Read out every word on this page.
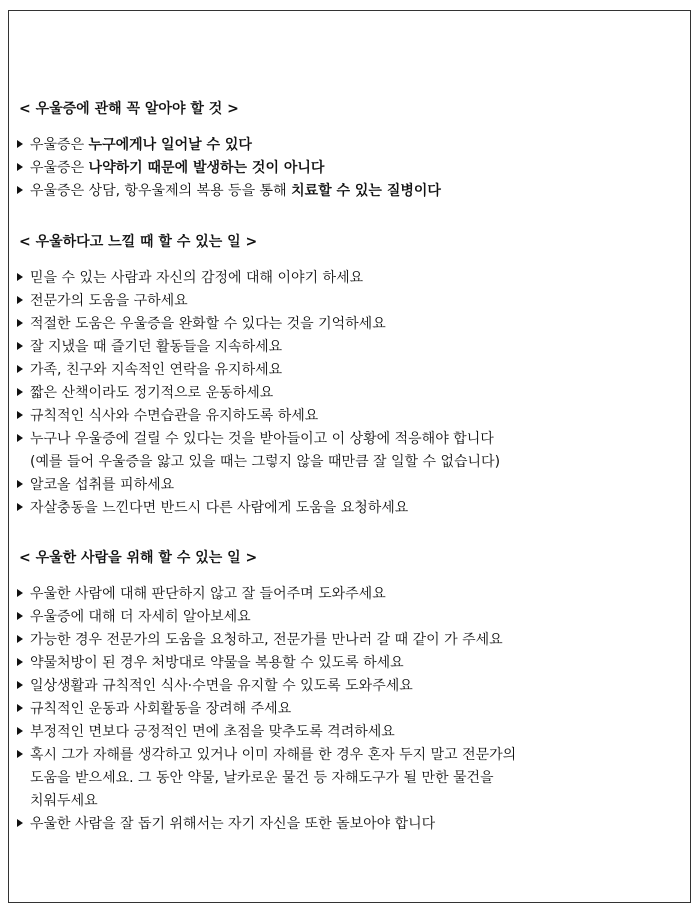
< 우울증에 관해 꼭 알아야 할 것 >
우울증은 누구에게나 일어날 수 있다
우울증은 나약하기 때문에 발생하는 것이 아니다
우울증은 상담, 항우울제의 복용 등을 통해 치료할 수 있는 질병이다
< 우울하다고 느낄 때 할 수 있는 일 >
믿을 수 있는 사람과 자신의 감정에 대해 이야기 하세요
전문가의 도움을 구하세요
적절한 도움은 우울증을 완화할 수 있다는 것을 기억하세요
잘 지냈을 때 즐기던 활동들을 지속하세요
가족, 친구와 지속적인 연락을 유지하세요
짧은 산책이라도 정기적으로 운동하세요
규칙적인 식사와 수면습관을 유지하도록 하세요
누구나 우울증에 걸릴 수 있다는 것을 받아들이고 이 상황에 적응해야 합니다
(예를 들어 우울증을 앓고 있을 때는 그렇지 않을 때만큼 잘 일할 수 없습니다)
알코올 섭취를 피하세요
자살충동을 느낀다면 반드시 다른 사람에게 도움을 요청하세요
< 우울한 사람을 위해 할 수 있는 일 >
우울한 사람에 대해 판단하지 않고 잘 들어주며 도와주세요
우울증에 대해 더 자세히 알아보세요
가능한 경우 전문가의 도움을 요청하고, 전문가를 만나러 갈 때 같이 가 주세요
약물처방이 된 경우 처방대로 약물을 복용할 수 있도록 하세요
일상생활과 규칙적인 식사·수면을 유지할 수 있도록 도와주세요
규칙적인 운동과 사회활동을 장려해 주세요
부정적인 면보다 긍정적인 면에 초점을 맞추도록 격려하세요
혹시 그가 자해를 생각하고 있거나 이미 자해를 한 경우 혼자 두지 말고 전문가의
도움을 받으세요. 그 동안 약물, 날카로운 물건 등 자해도구가 될 만한 물건을
치워두세요
우울한 사람을 잘 돕기 위해서는 자기 자신을 또한 돌보아야 합니다
